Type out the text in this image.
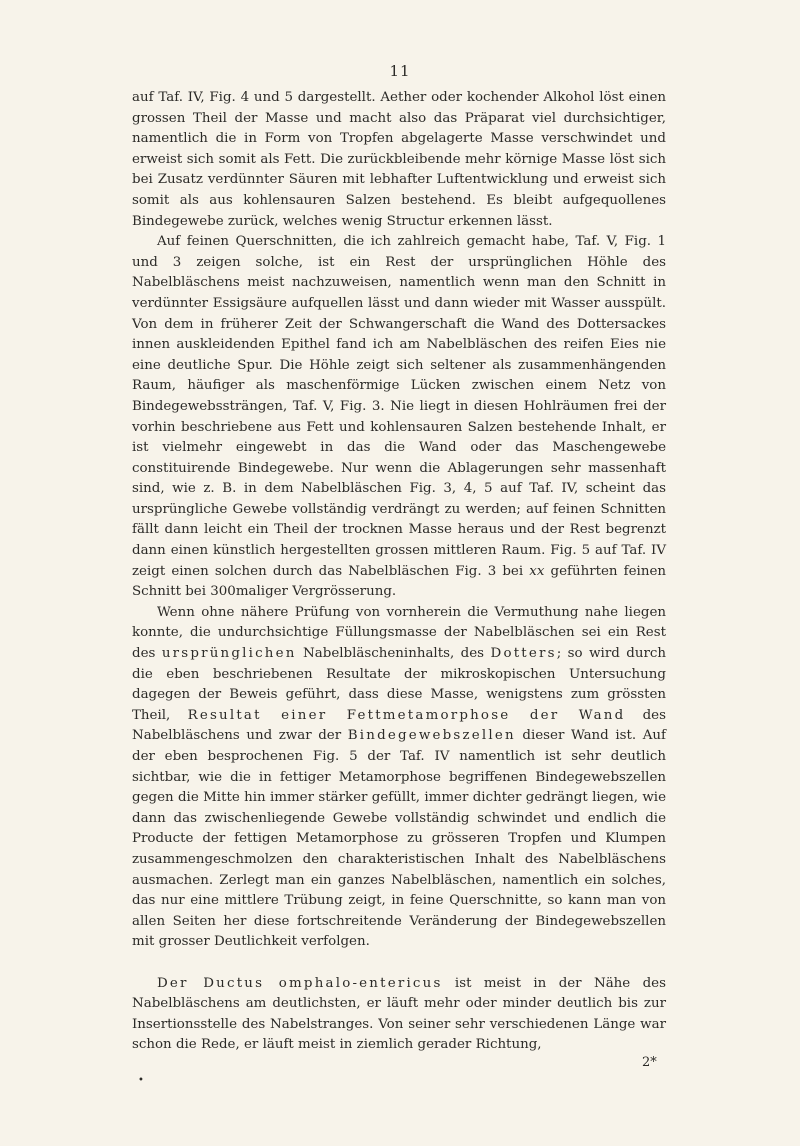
11

auf Taf. IV, Fig. 4 und 5 dargestellt. Aether oder kochender Alkohol löst einen grossen Theil der Masse und macht also das Präparat viel durchsichtiger, namentlich die in Form von Tropfen abgelagerte Masse verschwindet und erweist sich somit als Fett. Die zurückbleibende mehr körnige Masse löst sich bei Zusatz verdünnter Säuren mit lebhafter Luftentwicklung und erweist sich somit als aus kohlensauren Salzen bestehend. Es bleibt aufgequollenes Bindegewebe zurück, welches wenig Structur erkennen lässt.

Auf feinen Querschnitten, die ich zahlreich gemacht habe, Taf. V, Fig. 1 und 3 zeigen solche, ist ein Rest der ursprünglichen Höhle des Nabelbläschens meist nachzuweisen, namentlich wenn man den Schnitt in verdünnter Essigsäure aufquellen lässt und dann wieder mit Wasser ausspült. Von dem in früherer Zeit der Schwangerschaft die Wand des Dottersackes innen auskleidenden Epithel fand ich am Nabelbläschen des reifen Eies nie eine deutliche Spur. Die Höhle zeigt sich seltener als zusammenhängenden Raum, häufiger als maschenförmige Lücken zwischen einem Netz von Bindegewebssträngen, Taf. V, Fig. 3. Nie liegt in diesen Hohlräumen frei der vorhin beschriebene aus Fett und kohlensauren Salzen bestehende Inhalt, er ist vielmehr eingewebt in das die Wand oder das Maschengewebe constituirende Bindegewebe. Nur wenn die Ablagerungen sehr massenhaft sind, wie z. B. in dem Nabelbläschen Fig. 3, 4, 5 auf Taf. IV, scheint das ursprüngliche Gewebe vollständig verdrängt zu werden; auf feinen Schnitten fällt dann leicht ein Theil der trocknen Masse heraus und der Rest begrenzt dann einen künstlich hergestellten grossen mittleren Raum. Fig. 5 auf Taf. IV zeigt einen solchen durch das Nabelbläschen Fig. 3 bei xx geführten feinen Schnitt bei 300maliger Vergrösserung.

Wenn ohne nähere Prüfung von vornherein die Vermuthung nahe liegen konnte, die undurchsichtige Füllungsmasse der Nabelbläschen sei ein Rest des ursprünglichen Nabelbläscheninhalts, des Dotters; so wird durch die eben beschriebenen Resultate der mikroskopischen Untersuchung dagegen der Beweis geführt, dass diese Masse, wenigstens zum grössten Theil, Resultat einer Fettmetamorphose der Wand des Nabelbläschens und zwar der Bindegewebszellen dieser Wand ist. Auf der eben besprochenen Fig. 5 der Taf. IV namentlich ist sehr deutlich sichtbar, wie die in fettiger Metamorphose begriffenen Bindegewebszellen gegen die Mitte hin immer stärker gefüllt, immer dichter gedrängt liegen, wie dann das zwischenliegende Gewebe vollständig schwindet und endlich die Producte der fettigen Metamorphose zu grösseren Tropfen und Klumpen zusammengeschmolzen den charakteristischen Inhalt des Nabelbläschens ausmachen. Zerlegt man ein ganzes Nabelbläschen, namentlich ein solches, das nur eine mittlere Trübung zeigt, in feine Querschnitte, so kann man von allen Seiten her diese fortschreitende Veränderung der Bindegewebszellen mit grosser Deutlichkeit verfolgen.

Der Ductus omphalo-entericus ist meist in der Nähe des Nabelbläschens am deutlichsten, er läuft mehr oder minder deutlich bis zur Insertionsstelle des Nabelstranges. Von seiner sehr verschiedenen Länge war schon die Rede, er läuft meist in ziemlich gerader Richtung,

2*
•
